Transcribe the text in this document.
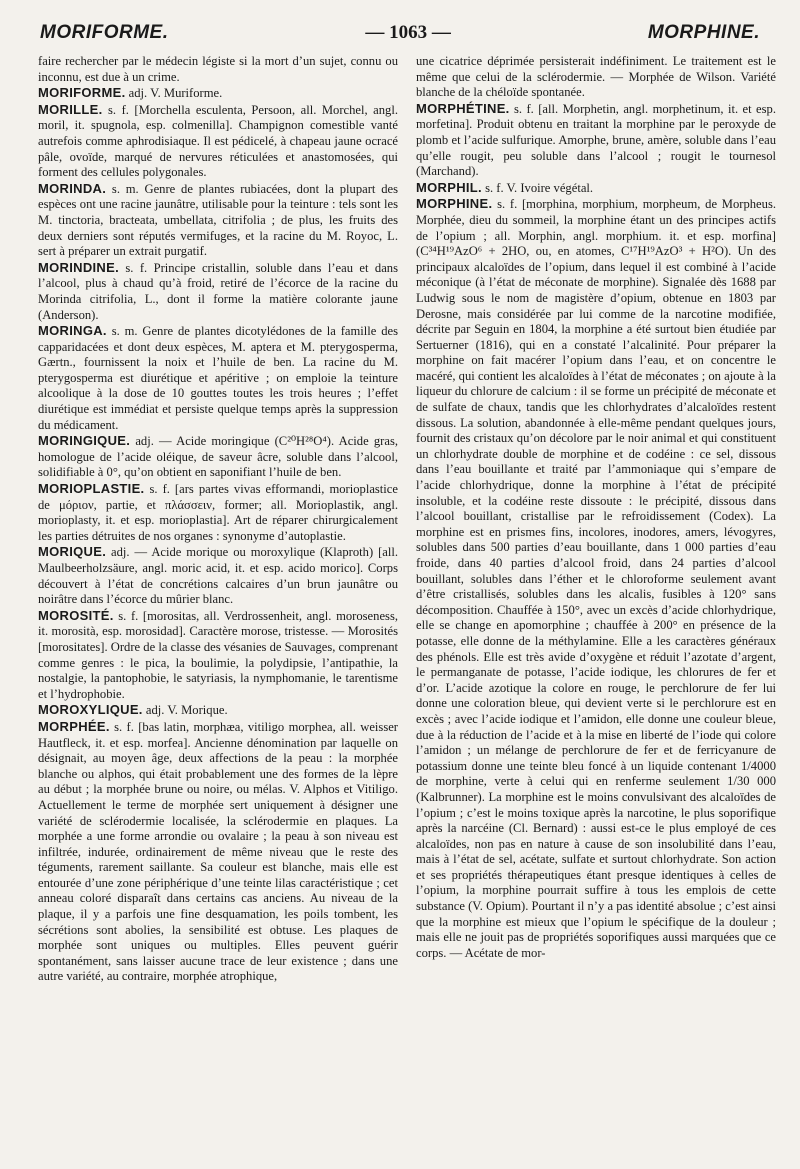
MORIFORME.	— 1063 —	MORPHINE.

faire rechercher par le médecin légiste si la mort d’un sujet, connu ou inconnu, est due à un crime.

MORIFORME. adj. V. Muriforme.

MORILLE. s. f. [Morchella esculenta, Persoon, all. Morchel, angl. moril, it. spugnola, esp. colmenilla]. Champignon comestible vanté autrefois comme aphrodisiaque. Il est pédicelé, à chapeau jaune ocracé pâle, ovoïde, marqué de nervures réticulées et anastomosées, qui forment des cellules polygonales.

MORINDA. s. m. Genre de plantes rubiacées, dont la plupart des espèces ont une racine jaunâtre, utilisable pour la teinture : tels sont les M. tinctoria, bracteata, umbellata, citrifolia ; de plus, les fruits des deux derniers sont réputés vermifuges, et la racine du M. Royoc, L. sert à préparer un extrait purgatif.

MORINDINE. s. f. Principe cristallin, soluble dans l’eau et dans l’alcool, plus à chaud qu’à froid, retiré de l’écorce de la racine du Morinda citrifolia, L., dont il forme la matière colorante jaune (Anderson).

MORINGA. s. m. Genre de plantes dicotylédones de la famille des capparidacées et dont deux espèces, M. aptera et M. pterygosperma, Gærtn., fournissent la noix et l’huile de ben. La racine du M. pterygosperma est diurétique et apéritive ; on emploie la teinture alcoolique à la dose de 10 gouttes toutes les trois heures ; l’effet diurétique est immédiat et persiste quelque temps après la suppression du médicament.

MORINGIQUE. adj. — Acide moringique (C²⁰H²⁸O⁴). Acide gras, homologue de l’acide oléique, de saveur âcre, soluble dans l’alcool, solidifiable à 0°, qu’on obtient en saponifiant l’huile de ben.

MORIOPLASTIE. s. f. [ars partes vivas efformandi, morioplastice de μόριον, partie, et πλάσσειν, former; all. Morioplastik, angl. morioplasty, it. et esp. morioplastia]. Art de réparer chirurgicalement les parties détruites de nos organes : synonyme d’autoplastie.

MORIQUE. adj. — Acide morique ou moroxylique (Klaproth) [all. Maulbeerholzsäure, angl. moric acid, it. et esp. acido morico]. Corps découvert à l’état de concrétions calcaires d’un brun jaunâtre ou noirâtre dans l’écorce du mûrier blanc.

MOROSITÉ. s. f. [morositas, all. Verdrossenheit, angl. moroseness, it. morosità, esp. morosidad]. Caractère morose, tristesse. — Morosités [morositates]. Ordre de la classe des vésanies de Sauvages, comprenant comme genres : le pica, la boulimie, la polydipsie, l’antipathie, la nostalgie, la pantophobie, le satyriasis, la nymphomanie, le tarentisme et l’hydrophobie.

MOROXYLIQUE. adj. V. Morique.

MORPHÉE. s. f. [bas latin, morphæa, vitiligo morphea, all. weisser Hautfleck, it. et esp. morfea]. Ancienne dénomination par laquelle on désignait, au moyen âge, deux affections de la peau : la morphée blanche ou alphos, qui était probablement une des formes de la lèpre au début ; la morphée brune ou noire, ou mélas. V. Alphos et Vitiligo. Actuellement le terme de morphée sert uniquement à désigner une variété de sclérodermie localisée, la sclérodermie en plaques. La morphée a une forme arrondie ou ovalaire ; la peau à son niveau est infiltrée, indurée, ordinairement de même niveau que le reste des téguments, rarement saillante. Sa couleur est blanche, mais elle est entourée d’une zone périphérique d’une teinte lilas caractéristique ; cet anneau coloré disparaît dans certains cas anciens. Au niveau de la plaque, il y a parfois une fine desquamation, les poils tombent, les sécrétions sont abolies, la sensibilité est obtuse. Les plaques de morphée sont uniques ou multiples. Elles peuvent guérir spontanément, sans laisser aucune trace de leur existence ; dans une autre variété, au contraire, morphée atrophique,

une cicatrice déprimée persisterait indéfiniment. Le traitement est le même que celui de la sclérodermie. — Morphée de Wilson. Variété blanche de la chéloïde spontanée.

MORPHÉTINE. s. f. [all. Morphetin, angl. morphetinum, it. et esp. morfetina]. Produit obtenu en traitant la morphine par le peroxyde de plomb et l’acide sulfurique. Amorphe, brune, amère, soluble dans l’eau qu’elle rougit, peu soluble dans l’alcool ; rougit le tournesol (Marchand).

MORPHIL. s. f. V. Ivoire végétal.

MORPHINE. s. f. [morphina, morphium, morpheum, de Morpheus. Morphée, dieu du sommeil, la morphine étant un des principes actifs de l’opium ; all. Morphin, angl. morphium. it. et esp. morfina] (C³⁴H¹⁹AzO⁶ + 2HO, ou, en atomes, C¹⁷H¹⁹AzO³ + H²O). Un des principaux alcaloïdes de l’opium, dans lequel il est combiné à l’acide méconique (à l’état de méconate de morphine). Signalée dès 1688 par Ludwig sous le nom de magistère d’opium, obtenue en 1803 par Derosne, mais considérée par lui comme de la narcotine modifiée, décrite par Seguin en 1804, la morphine a été surtout bien étudiée par Sertuerner (1816), qui en a constaté l’alcalinité. Pour préparer la morphine on fait macérer l’opium dans l’eau, et on concentre le macéré, qui contient les alcaloïdes à l’état de méconates ; on ajoute à la liqueur du chlorure de calcium : il se forme un précipité de méconate et de sulfate de chaux, tandis que les chlorhydrates d’alcaloïdes restent dissous. La solution, abandonnée à elle-même pendant quelques jours, fournit des cristaux qu’on décolore par le noir animal et qui constituent un chlorhydrate double de morphine et de codéine : ce sel, dissous dans l’eau bouillante et traité par l’ammoniaque qui s’empare de l’acide chlorhydrique, donne la morphine à l’état de précipité insoluble, et la codéine reste dissoute : le précipité, dissous dans l’alcool bouillant, cristallise par le refroidissement (Codex). La morphine est en prismes fins, incolores, inodores, amers, lévogyres, solubles dans 500 parties d’eau bouillante, dans 1 000 parties d’eau froide, dans 40 parties d’alcool froid, dans 24 parties d’alcool bouillant, solubles dans l’éther et le chloroforme seulement avant d’être cristallisés, solubles dans les alcalis, fusibles à 120° sans décomposition. Chauffée à 150°, avec un excès d’acide chlorhydrique, elle se change en apomorphine ; chauffée à 200° en présence de la potasse, elle donne de la méthylamine. Elle a les caractères généraux des phénols. Elle est très avide d’oxygène et réduit l’azotate d’argent, le permanganate de potasse, l’acide iodique, les chlorures de fer et d’or. L’acide azotique la colore en rouge, le perchlorure de fer lui donne une coloration bleue, qui devient verte si le perchlorure est en excès ; avec l’acide iodique et l’amidon, elle donne une couleur bleue, due à la réduction de l’acide et à la mise en liberté de l’iode qui colore l’amidon ; un mélange de perchlorure de fer et de ferricyanure de potassium donne une teinte bleu foncé à un liquide contenant 1/4000 de morphine, verte à celui qui en renferme seulement 1/30 000 (Kalbrunner). La morphine est le moins convulsivant des alcaloïdes de l’opium ; c’est le moins toxique après la narcotine, le plus soporifique après la narcéine (Cl. Bernard) : aussi est-ce le plus employé de ces alcaloïdes, non pas en nature à cause de son insolubilité dans l’eau, mais à l’état de sel, acétate, sulfate et surtout chlorhydrate. Son action et ses propriétés thérapeutiques étant presque identiques à celles de l’opium, la morphine pourrait suffire à tous les emplois de cette substance (V. Opium). Pourtant il n’y a pas identité absolue ; c’est ainsi que la morphine est mieux que l’opium le spécifique de la douleur ; mais elle ne jouit pas de propriétés soporifiques aussi marquées que ce corps. — Acétate de mor-
